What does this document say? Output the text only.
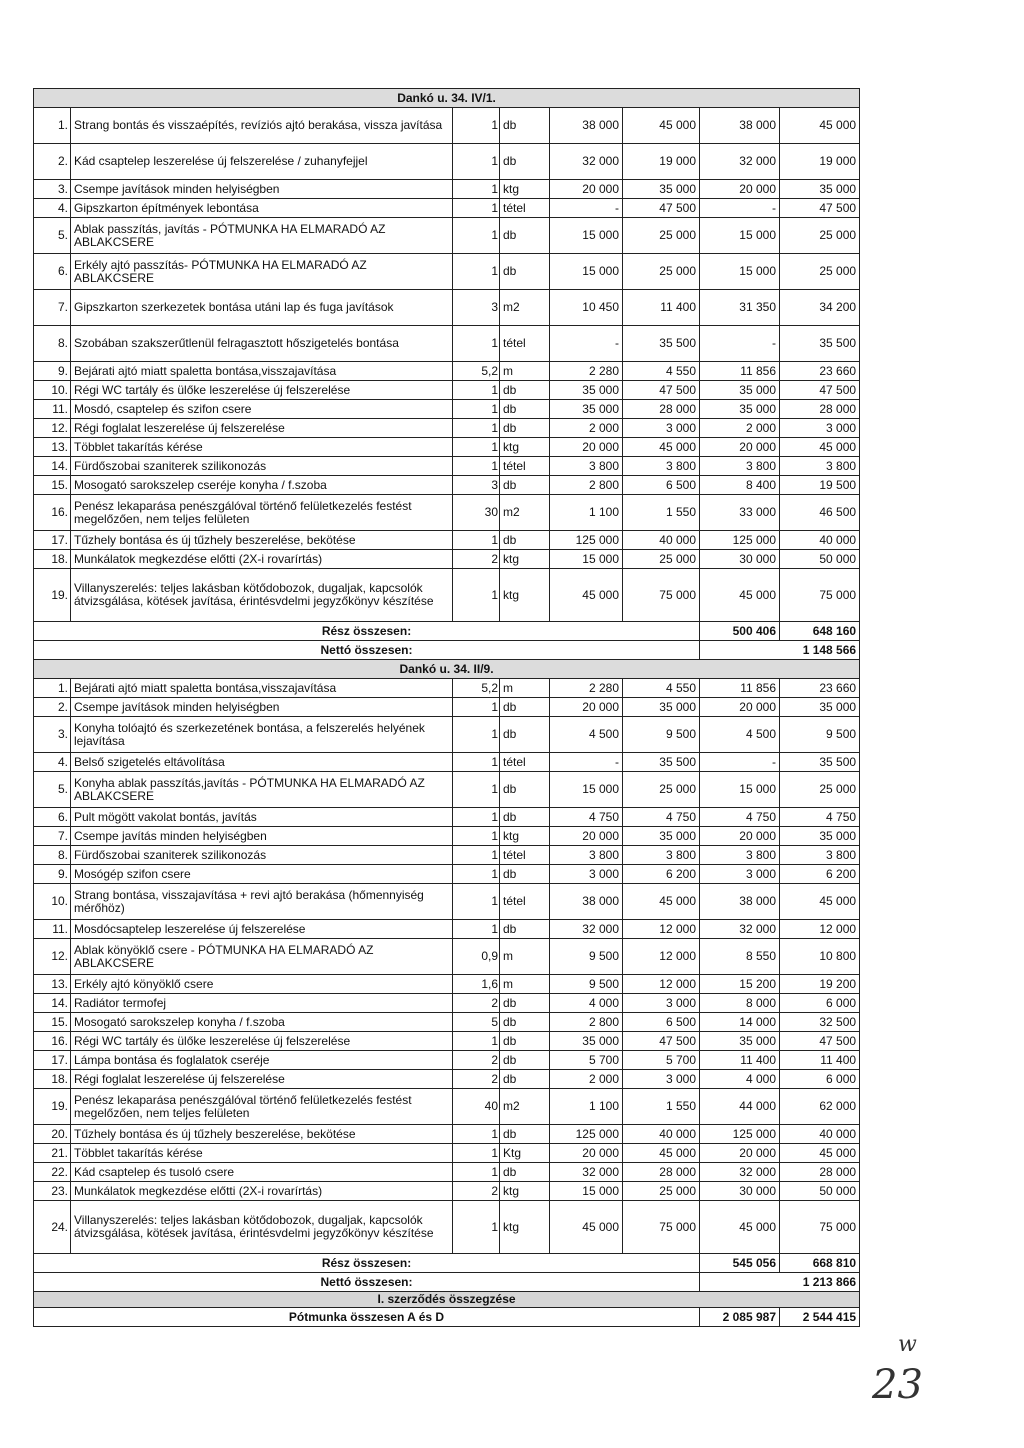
Dankó u. 34. IV/1.							
1.	Strang bontás és visszaépítés, revíziós ajtó berakása, vissza javítása	1	db	38 000	45 000	38 000	45 000
2.	Kád csaptelep leszerelése új felszerelése / zuhanyfejjel	1	db	32 000	19 000	32 000	19 000
3.	Csempe javítások minden helyiségben	1	ktg	20 000	35 000	20 000	35 000
4.	Gipszkarton építmények lebontása	1	tétel	-	47 500	-	47 500
5.	Ablak passzítás, javítás - PÓTMUNKA HA ELMARADÓ AZ ABLAKCSERE	1	db	15 000	25 000	15 000	25 000
6.	Erkély ajtó passzítás- PÓTMUNKA HA ELMARADÓ AZ ABLAKCSERE	1	db	15 000	25 000	15 000	25 000
7.	Gipszkarton szerkezetek bontása utáni lap és fuga javítások	3	m2	10 450	11 400	31 350	34 200
8.	Szobában szakszerűtlenül felragasztott hőszigetelés bontása	1	tétel	-	35 500	-	35 500
9.	Bejárati ajtó miatt spaletta bontása,visszajavítása	5,2	m	2 280	4 550	11 856	23 660
10.	Régi WC tartály és ülőke leszerelése új felszerelése	1	db	35 000	47 500	35 000	47 500
11.	Mosdó, csaptelep és szifon csere	1	db	35 000	28 000	35 000	28 000
12.	Régi foglalat leszerelése új felszerelése	1	db	2 000	3 000	2 000	3 000
13.	Többlet takarítás kérése	1	ktg	20 000	45 000	20 000	45 000
14.	Fürdőszobai szaniterek szilikonozás	1	tétel	3 800	3 800	3 800	3 800
15.	Mosogató sarokszelep cseréje konyha / f.szoba	3	db	2 800	6 500	8 400	19 500
16.	Penész lekaparása penészgálóval történő felületkezelés festést megelőzően, nem teljes felületen	30	m2	1 100	1 550	33 000	46 500
17.	Tűzhely bontása és új tűzhely beszerelése, bekötése	1	db	125 000	40 000	125 000	40 000
18.	Munkálatok megkezdése előtti (2X-i rovarírtás)	2	ktg	15 000	25 000	30 000	50 000
19.	Villanyszerelés: teljes lakásban kötődobozok, dugaljak, kapcsolók átvizsgálása, kötések javítása, érintésvdelmi jegyzőkönyv készítése	1	ktg	45 000	75 000	45 000	75 000
Rész összesen:						500 406	648 160
Nettó összesen:						1 148 566	
Dankó u. 34. II/9.							
1.	Bejárati ajtó miatt spaletta bontása,visszajavítása	5,2	m	2 280	4 550	11 856	23 660
2.	Csempe javítások minden helyiségben	1	db	20 000	35 000	20 000	35 000
3.	Konyha tolóajtó és szerkezetének bontása, a felszerelés helyének lejavítása	1	db	4 500	9 500	4 500	9 500
4.	Belső szigetelés eltávolítása	1	tétel	-	35 500	-	35 500
5.	Konyha ablak passzítás,javítás - PÓTMUNKA HA ELMARADÓ AZ ABLAKCSERE	1	db	15 000	25 000	15 000	25 000
6.	Pult mögött vakolat bontás, javítás	1	db	4 750	4 750	4 750	4 750
7.	Csempe javítás minden helyiségben	1	ktg	20 000	35 000	20 000	35 000
8.	Fürdőszobai szaniterek szilikonozás	1	tétel	3 800	3 800	3 800	3 800
9.	Mosógép szifon csere	1	db	3 000	6 200	3 000	6 200
10.	Strang bontása, visszajavítása + revi ajtó berakása (hőmennyiség mérőhöz)	1	tétel	38 000	45 000	38 000	45 000
11.	Mosdócsaptelep leszerelése új felszerelése	1	db	32 000	12 000	32 000	12 000
12.	Ablak könyöklő csere - PÓTMUNKA HA ELMARADÓ AZ ABLAKCSERE	0,9	m	9 500	12 000	8 550	10 800
13.	Erkély ajtó könyöklő csere	1,6	m	9 500	12 000	15 200	19 200
14.	Radiátor termofej	2	db	4 000	3 000	8 000	6 000
15.	Mosogató sarokszelep konyha / f.szoba	5	db	2 800	6 500	14 000	32 500
16.	Régi WC tartály és ülőke leszerelése új felszerelése	1	db	35 000	47 500	35 000	47 500
17.	Lámpa bontása és foglalatok cseréje	2	db	5 700	5 700	11 400	11 400
18.	Régi foglalat leszerelése új felszerelése	2	db	2 000	3 000	4 000	6 000
19.	Penész lekaparása penészgálóval történő felületkezelés festést megelőzően, nem teljes felületen	40	m2	1 100	1 550	44 000	62 000
20.	Tűzhely bontása és új tűzhely beszerelése, bekötése	1	db	125 000	40 000	125 000	40 000
21.	Többlet takarítás kérése	1	Ktg	20 000	45 000	20 000	45 000
22.	Kád csaptelep és tusoló csere	1	db	32 000	28 000	32 000	28 000
23.	Munkálatok megkezdése előtti (2X-i rovarírtás)	2	ktg	15 000	25 000	30 000	50 000
24.	Villanyszerelés: teljes lakásban kötődobozok, dugaljak, kapcsolók átvizsgálása, kötések javítása, érintésvdelmi jegyzőkönyv készítése	1	ktg	45 000	75 000	45 000	75 000
Rész összesen:						545 056	668 810
Nettó összesen:						1 213 866	
I. szerződés összegzése							
Pótmunka összesen A és D						2 085 987	2 544 415
w
23
